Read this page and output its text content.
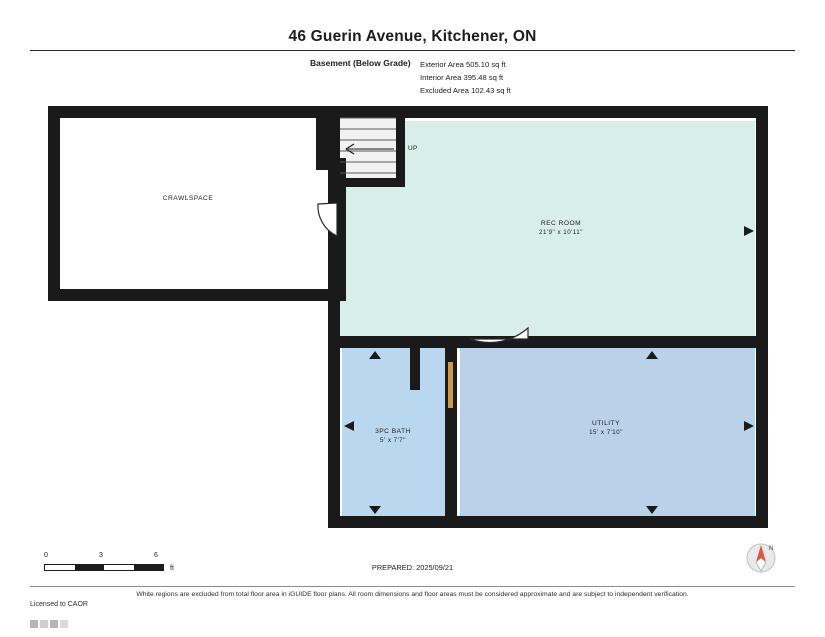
46 Guerin Avenue, Kitchener, ON
Basement (Below Grade) Exterior Area 505.10 sq ft
Interior Area 395.48 sq ft
Excluded Area 102.43 sq ft
CRAWLSPACE
REC ROOM
21'9" x 10'11"
3PC BATH
5' x 7'7"
UTILITY
15' x 7'10"
UP
0	3	6
ft	PREPARED: 2025/09/21
N
White regions are excluded from total floor area in iGUIDE floor plans. All room dimensions and floor areas must be considered approximate and are subject to independent verification.
Licensed to CAOR
